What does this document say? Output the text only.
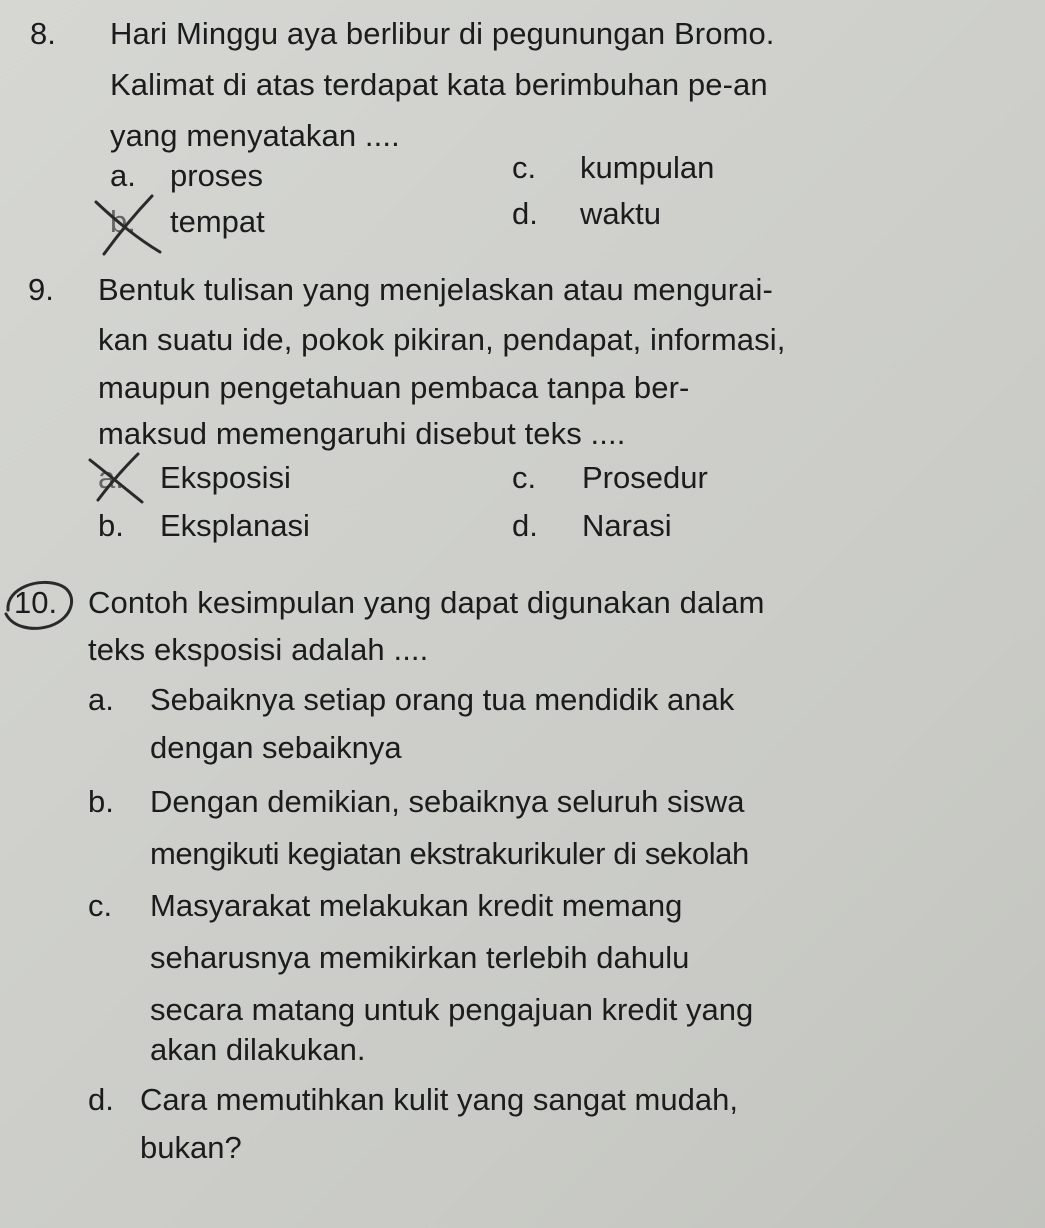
8. Hari Minggu aya berlibur di pegunungan Bromo.
Kalimat di atas terdapat kata berimbuhan pe-an
yang menyatakan ....
a. proses	c. kumpulan
b. tempat	d. waktu
9. Bentuk tulisan yang menjelaskan atau mengurai-
kan suatu ide, pokok pikiran, pendapat, informasi,
maupun pengetahuan pembaca tanpa ber-
maksud memengaruhi disebut teks ....
a. Eksposisi	c. Prosedur
b. Eksplanasi	d. Narasi
10. Contoh kesimpulan yang dapat digunakan dalam
teks eksposisi adalah ....
a. Sebaiknya setiap orang tua mendidik anak
dengan sebaiknya
b. Dengan demikian, sebaiknya seluruh siswa
mengikuti kegiatan ekstrakurikuler di sekolah
c. Masyarakat melakukan kredit memang
seharusnya memikirkan terlebih dahulu
secara matang untuk pengajuan kredit yang
akan dilakukan.
d. Cara memutihkan kulit yang sangat mudah,
bukan?
